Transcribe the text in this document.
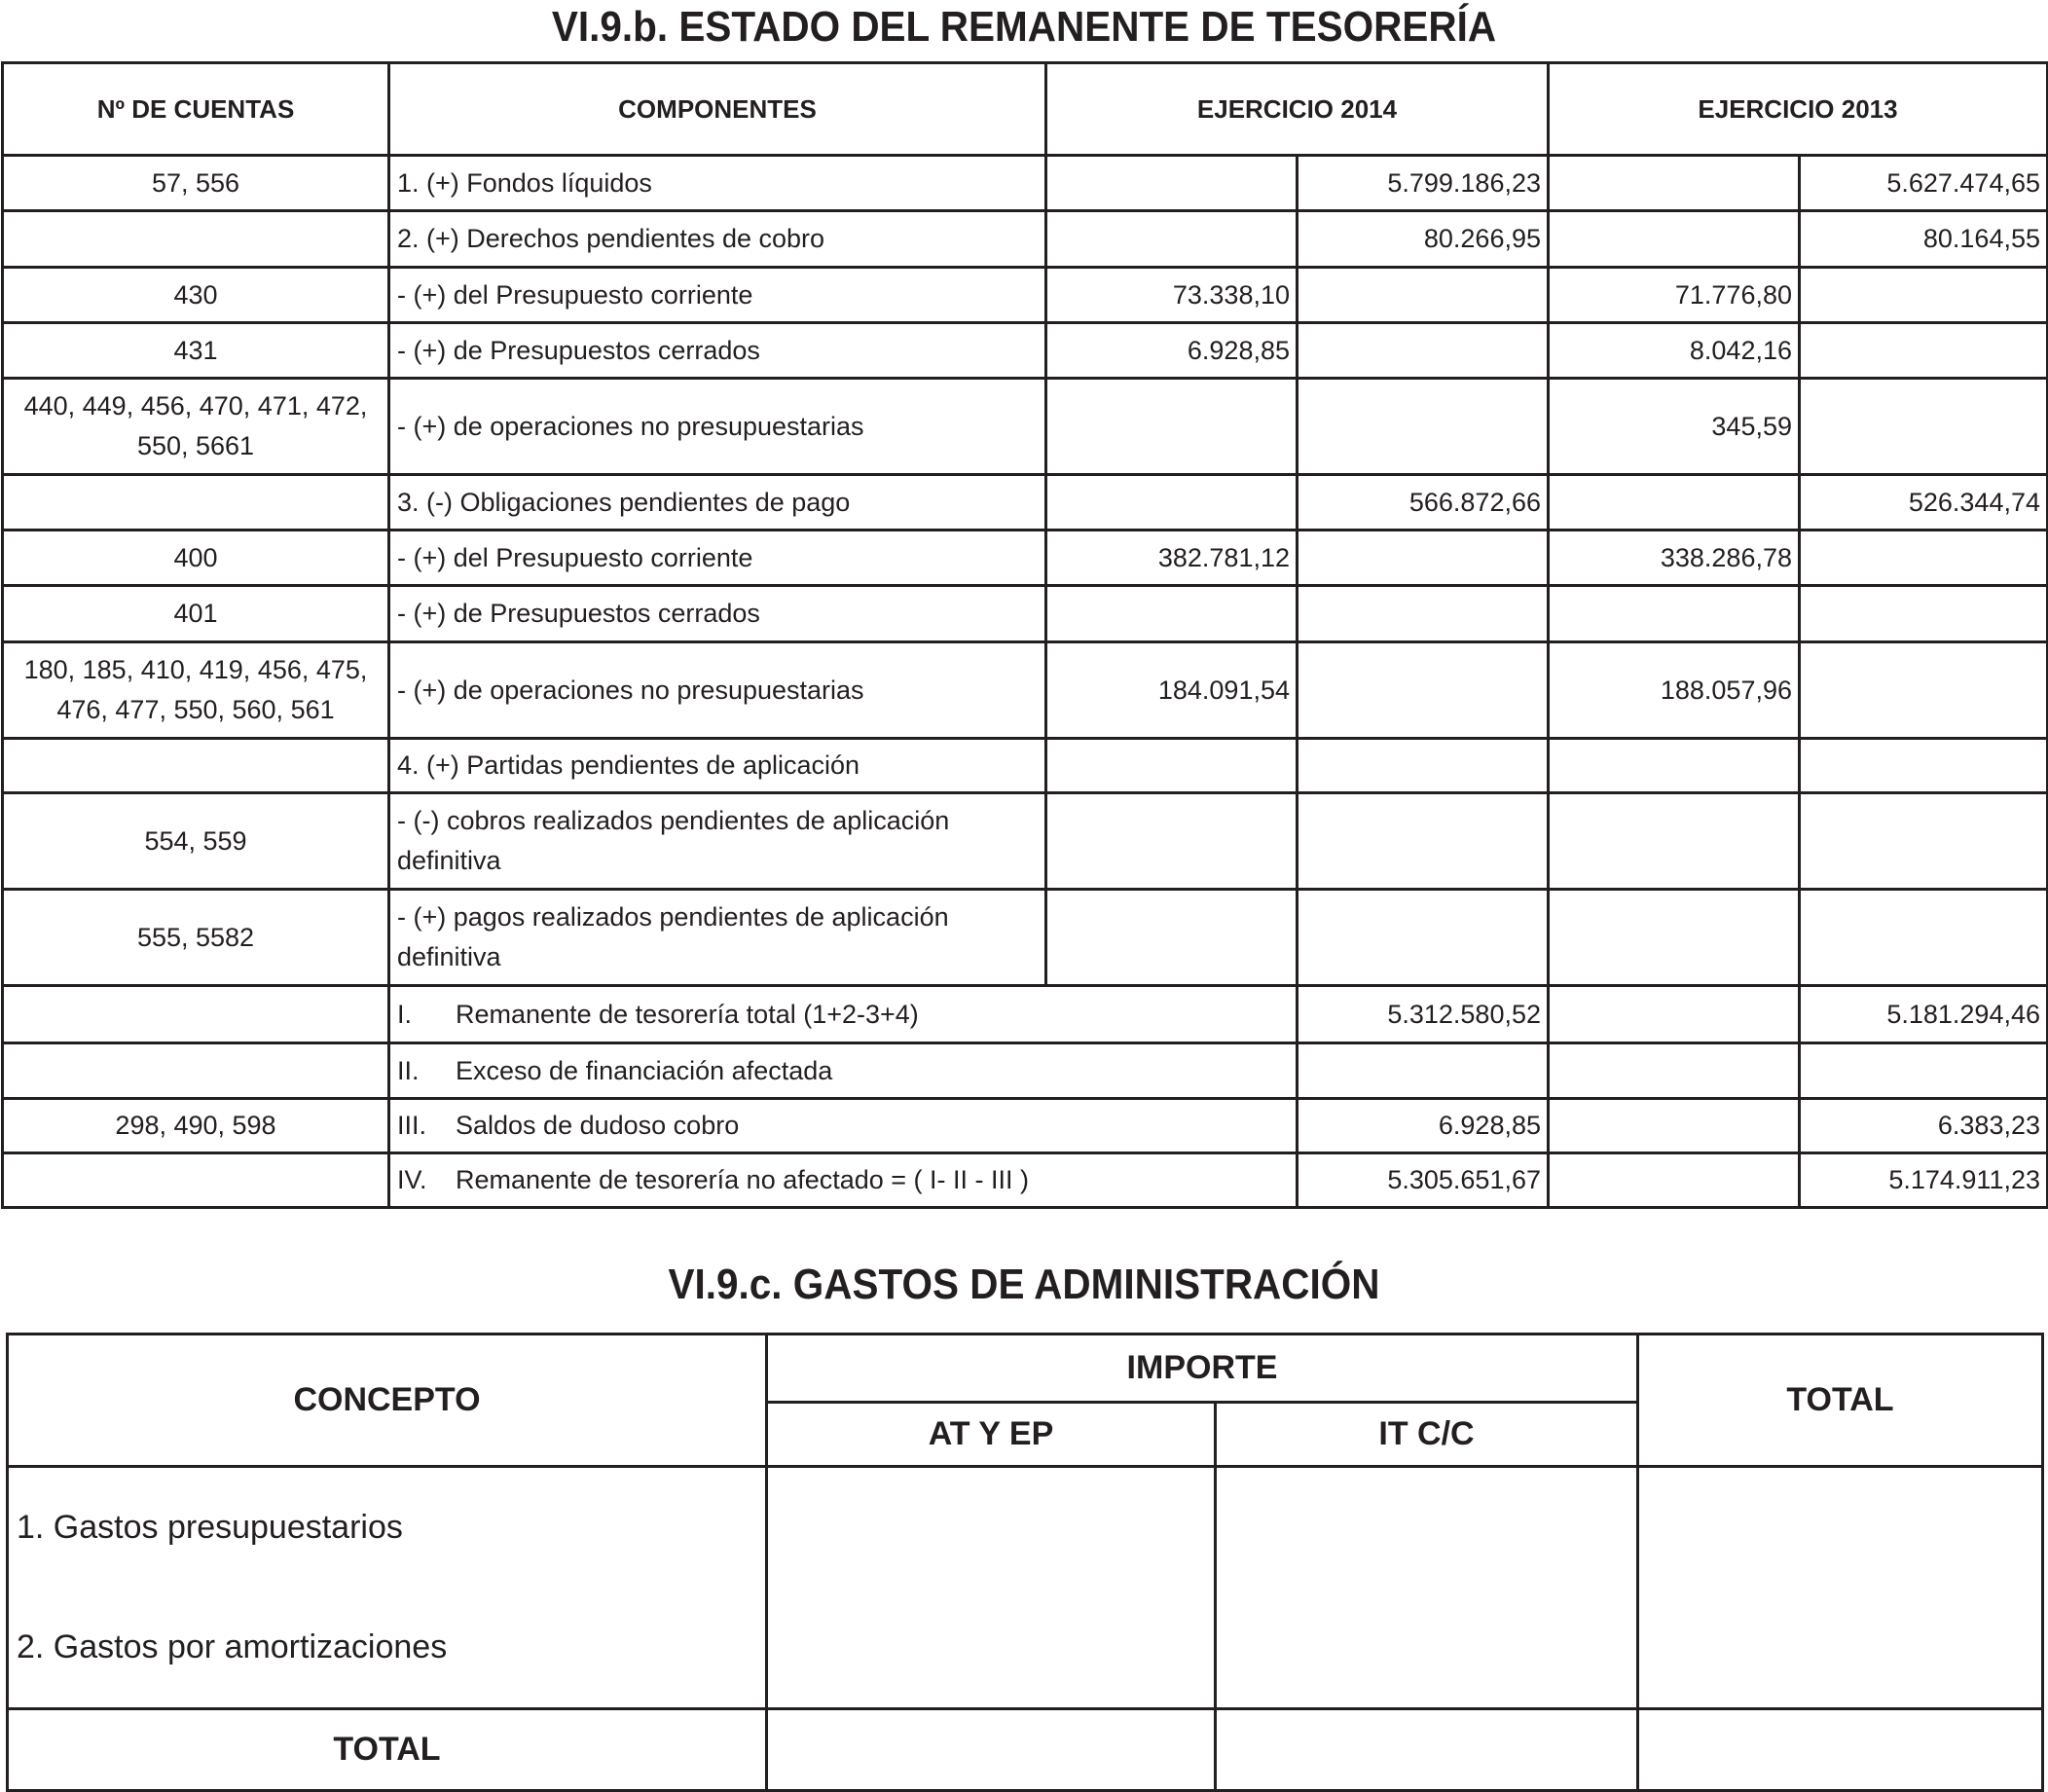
VI.9.b. ESTADO DEL REMANENTE DE TESORERÍA
Nº DE CUENTAS	COMPONENTES	EJERCICIO 2014		EJERCICIO 2013	
57, 556	1. (+) Fondos líquidos		5.799.186,23		5.627.474,65
	2. (+) Derechos pendientes de cobro		80.266,95		80.164,55
430	- (+) del Presupuesto corriente	73.338,10		71.776,80	
431	- (+) de Presupuestos cerrados	6.928,85		8.042,16	
440, 449, 456, 470, 471, 472, 550, 5661	- (+) de operaciones no presupuestarias			345,59	
	3. (-) Obligaciones pendientes de pago		566.872,66		526.344,74
400	- (+) del Presupuesto corriente	382.781,12		338.286,78	
401	- (+) de Presupuestos cerrados				
180, 185, 410, 419, 456, 475, 476, 477, 550, 560, 561	- (+) de operaciones no presupuestarias	184.091,54		188.057,96	
	4. (+) Partidas pendientes de aplicación				
554, 559	- (-) cobros realizados pendientes de aplicación definitiva				
555, 5582	- (+) pagos realizados pendientes de aplicación definitiva				
	I. Remanente de tesorería total (1+2-3+4)		5.312.580,52		5.181.294,46
	II. Exceso de financiación afectada				
298, 490, 598	III. Saldos de dudoso cobro		6.928,85		6.383,23
	IV. Remanente de tesorería no afectado = ( I- II - III )		5.305.651,67		5.174.911,23
VI.9.c. GASTOS DE ADMINISTRACIÓN
CONCEPTO	IMPORTE		TOTAL
	AT Y EP	IT C/C	
1. Gastos presupuestarios			
2. Gastos por amortizaciones			
TOTAL			
